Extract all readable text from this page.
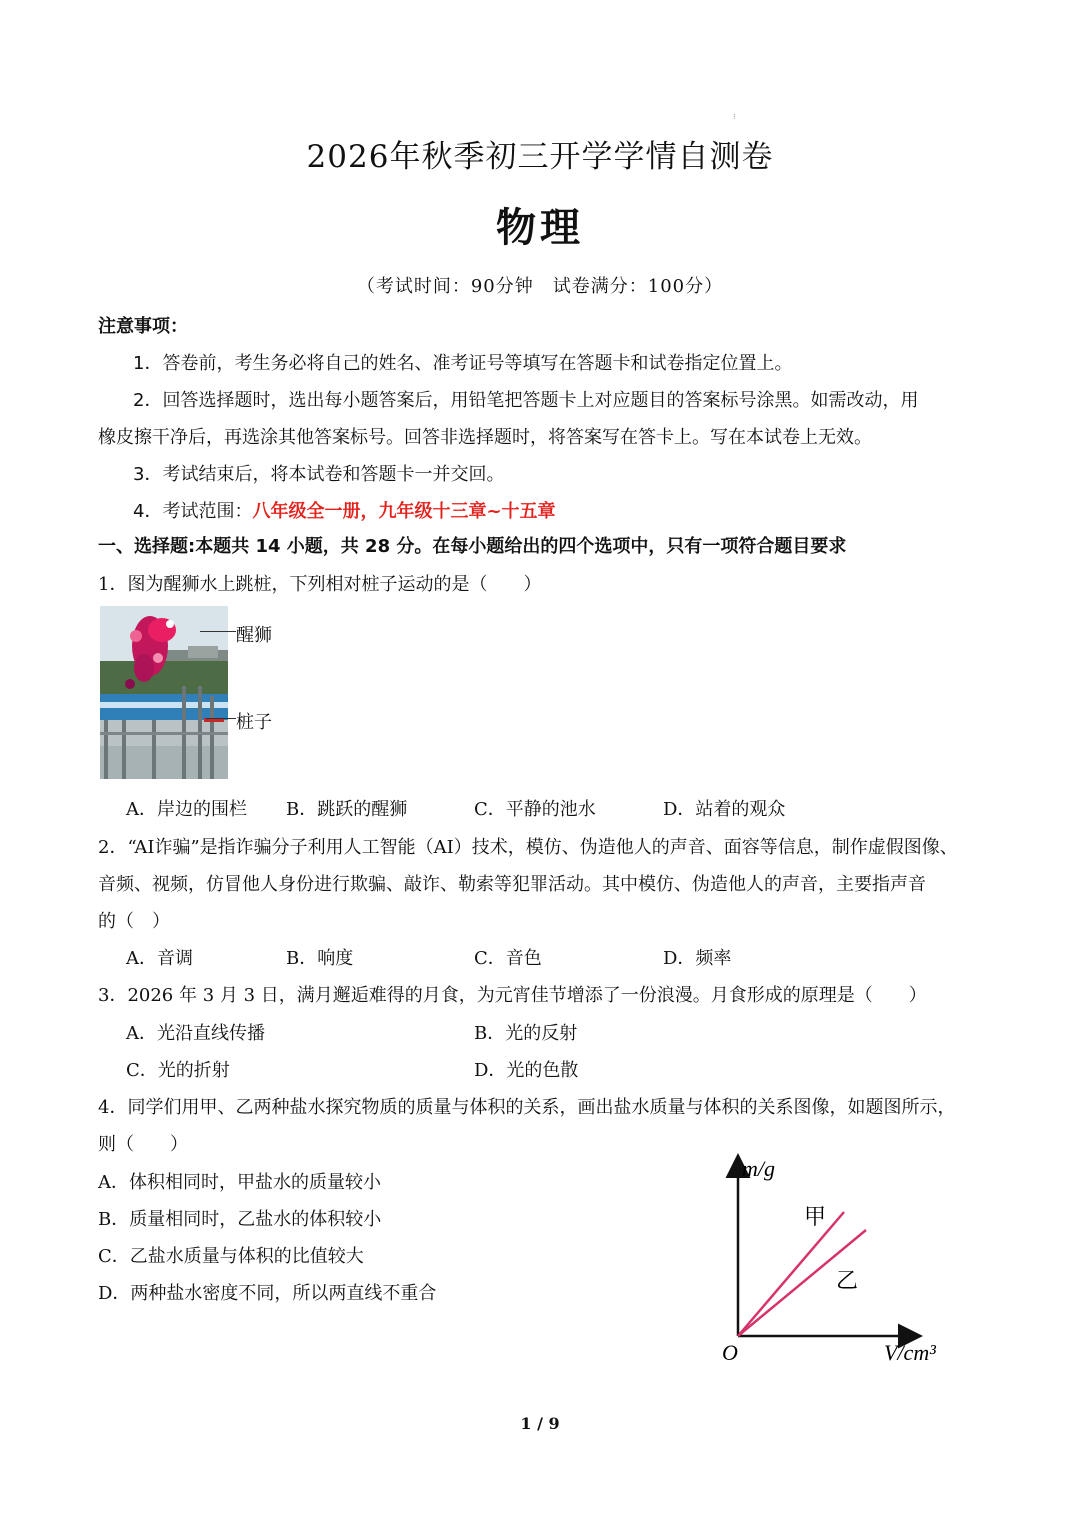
⁝
2026年秋季初三开学学情自测卷
物理
（考试时间：90分钟　试卷满分：100分）
注意事项：
1．答卷前，考生务必将自己的姓名、准考证号等填写在答题卡和试卷指定位置上。
2．回答选择题时，选出每小题答案后，用铅笔把答题卡上对应题目的答案标号涂黑。如需改动，用
橡皮擦干净后，再选涂其他答案标号。回答非选择题时，将答案写在答卡上。写在本试卷上无效。
3．考试结束后，将本试卷和答题卡一并交回。
4．考试范围：八年级全一册，九年级十三章~十五章
一、选择题:本题共 14 小题，共 28 分。在每小题给出的四个选项中，只有一项符合题目要求
1．图为醒狮水上跳桩，下列相对桩子运动的是（　　）
醒狮
桩子
A．岸边的围栏 B．跳跃的醒狮	C．平静的池水	D．站着的观众
2．“AI诈骗”是指诈骗分子利用人工智能（AI）技术，模仿、伪造他人的声音、面容等信息，制作虚假图像、
音频、视频，仿冒他人身份进行欺骗、敲诈、勒索等犯罪活动。其中模仿、伪造他人的声音，主要指声音
的（　）
A．音调	B．响度	C．音色	D．频率
3．2026 年 3 月 3 日，满月邂逅难得的月食，为元宵佳节增添了一份浪漫。月食形成的原理是（　　）
A．光沿直线传播	B．光的反射
C．光的折射	D．光的色散
4．同学们用甲、乙两种盐水探究物质的质量与体积的关系，画出盐水质量与体积的关系图像，如题图所示，
则（　　）
A．体积相同时，甲盐水的质量较小
B．质量相同时，乙盐水的体积较小
C．乙盐水质量与体积的比值较大
D．两种盐水密度不同，所以两直线不重合
m/g
V/cm³
O
甲
乙
1 / 9
